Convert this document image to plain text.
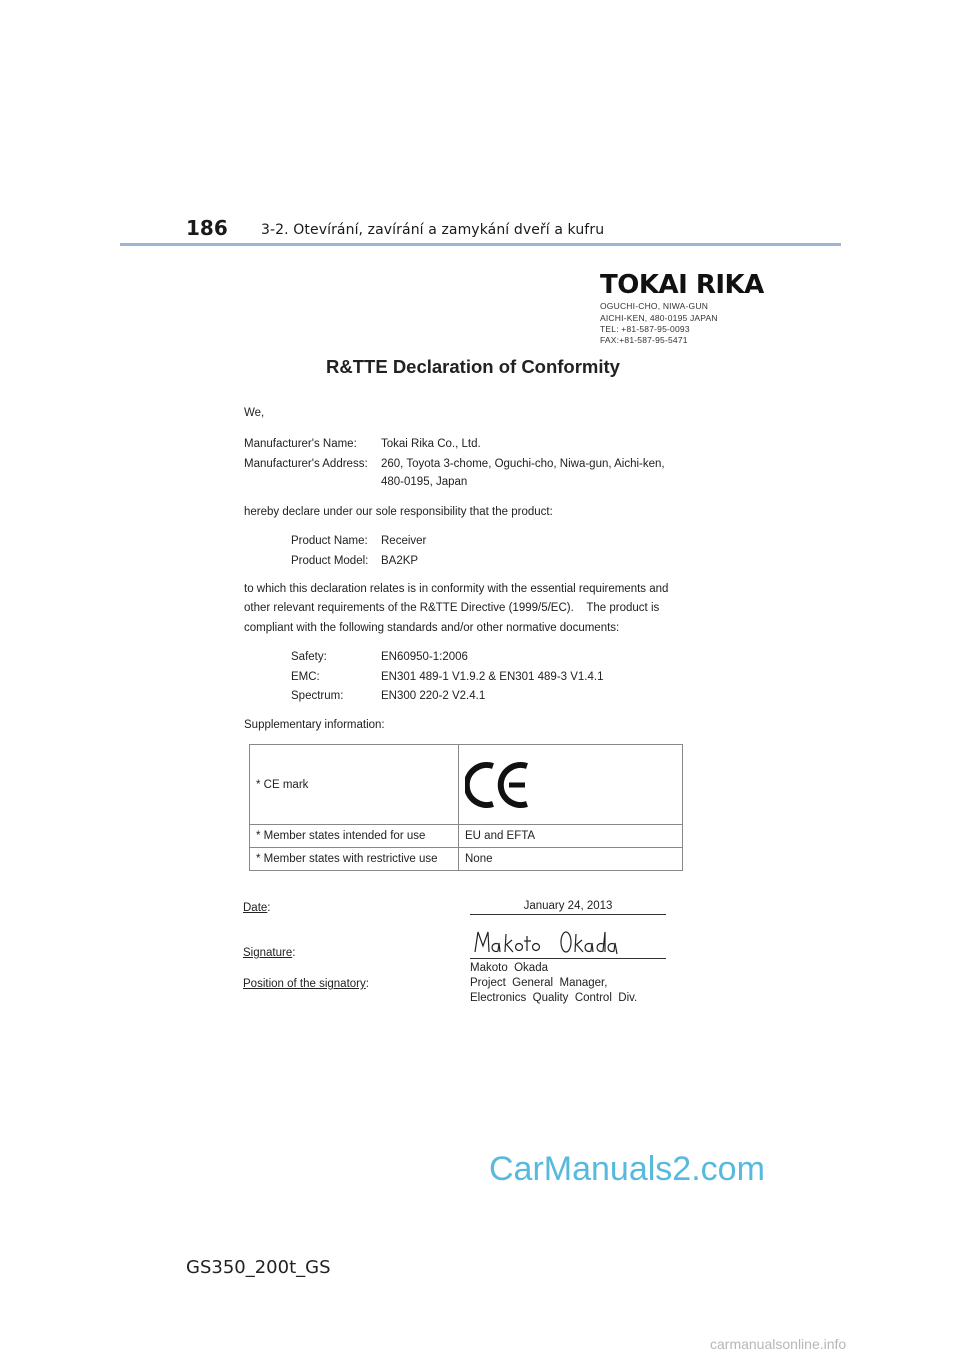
186 3-2. Otevírání, zavírání a zamykání dveří a kufru
TOKAI RIKA
OGUCHI-CHO, NIWA-GUN
AICHI-KEN, 480-0195 JAPAN
TEL: +81-587-95-0093
FAX:+81-587-95-5471
R&TTE Declaration of Conformity
We,
Manufacturer's Name: Tokai Rika Co., Ltd.
Manufacturer's Address: 260, Toyota 3-chome, Oguchi-cho, Niwa-gun, Aichi-ken,
480-0195, Japan
hereby declare under our sole responsibility that the product:
Product Name: Receiver
Product Model: BA2KP
to which this declaration relates is in conformity with the essential requirements and
other relevant requirements of the R&TTE Directive (1999/5/EC).    The product is
compliant with the following standards and/or other normative documents:
Safety:	EN60950-1:2006
EMC:	EN301 489-1 V1.9.2 & EN301 489-3 V1.4.1
Spectrum:	EN300 220-2 V2.4.1
Supplementary information:
* CE mark	

* Member states intended for use	EU and EFTA
* Member states with restrictive use	None
Date:	January 24, 2013
Signature:
Position of the signatory:
Makoto  Okada
Project  General  Manager,
Electronics  Quality  Control  Div.
CarManuals2.com
GS350_200t_GS
carmanualsonline.info
